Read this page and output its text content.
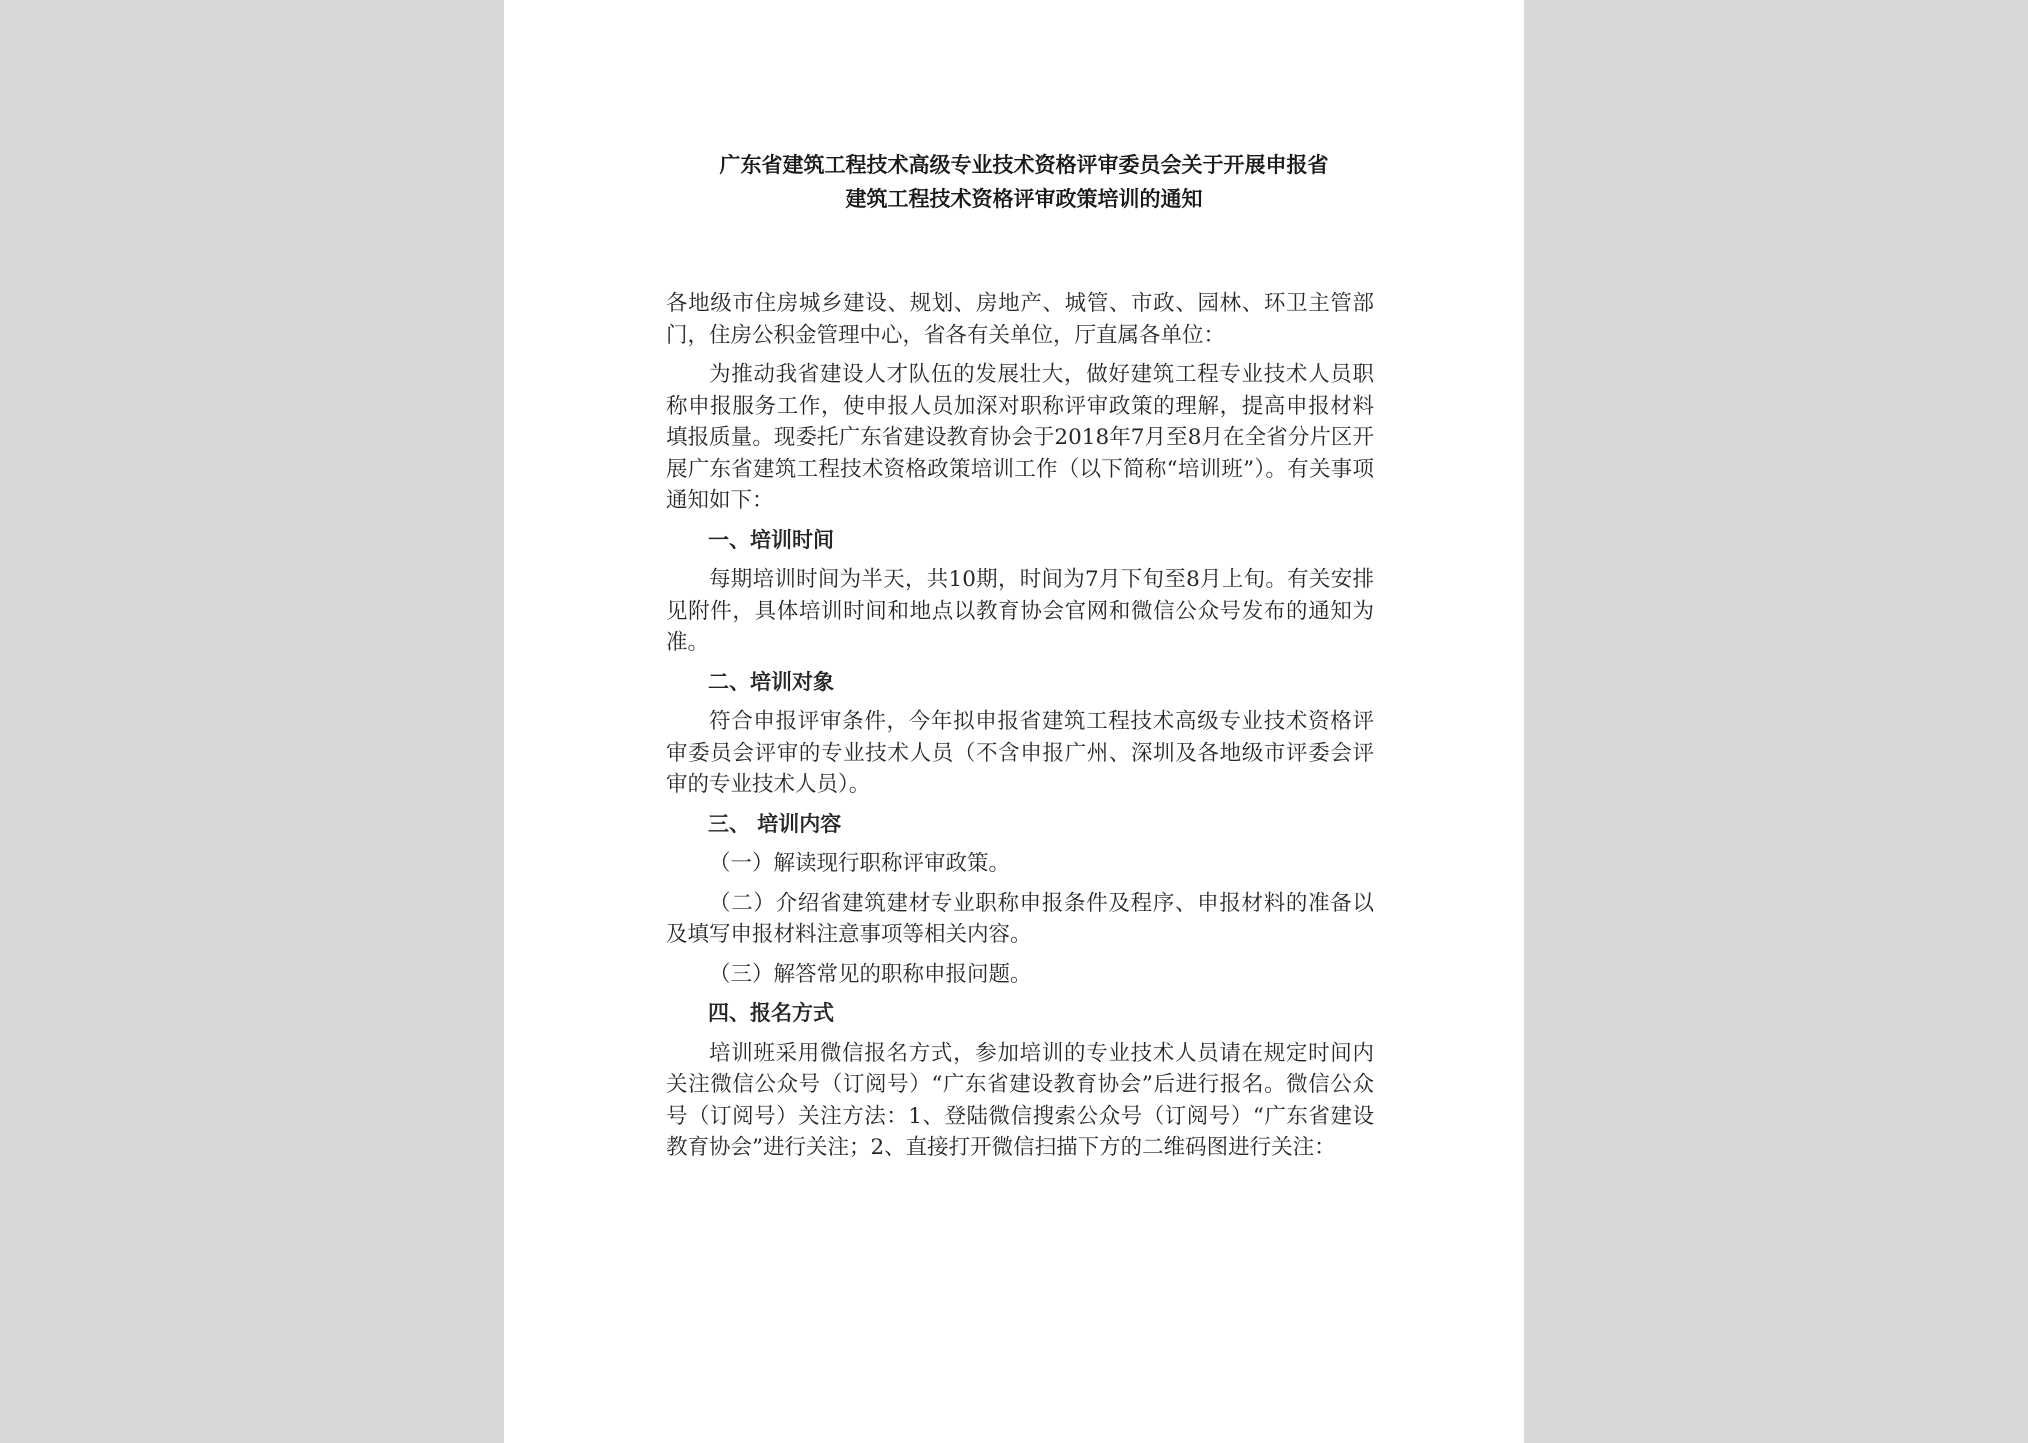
广东省建筑工程技术高级专业技术资格评审委员会关于开展申报省
建筑工程技术资格评审政策培训的通知

各地级市住房城乡建设、规划、房地产、城管、市政、园林、环卫主管部门，住房公积金管理中心，省各有关单位，厅直属各单位：

为推动我省建设人才队伍的发展壮大，做好建筑工程专业技术人员职称申报服务工作，使申报人员加深对职称评审政策的理解，提高申报材料填报质量。现委托广东省建设教育协会于2018年7月至8月在全省分片区开展广东省建筑工程技术资格政策培训工作（以下简称“培训班”）。有关事项通知如下：

一、培训时间

每期培训时间为半天，共10期，时间为7月下旬至8月上旬。有关安排见附件，具体培训时间和地点以教育协会官网和微信公众号发布的通知为准。

二、培训对象

符合申报评审条件，今年拟申报省建筑工程技术高级专业技术资格评审委员会评审的专业技术人员（不含申报广州、深圳及各地级市评委会评审的专业技术人员）。

三、 培训内容

（一）解读现行职称评审政策。

（二）介绍省建筑建材专业职称申报条件及程序、申报材料的准备以及填写申报材料注意事项等相关内容。

（三）解答常见的职称申报问题。

四、报名方式

培训班采用微信报名方式，参加培训的专业技术人员请在规定时间内关注微信公众号（订阅号）“广东省建设教育协会”后进行报名。微信公众号（订阅号）关注方法：1、登陆微信搜索公众号（订阅号）“广东省建设教育协会”进行关注；2、直接打开微信扫描下方的二维码图进行关注：
